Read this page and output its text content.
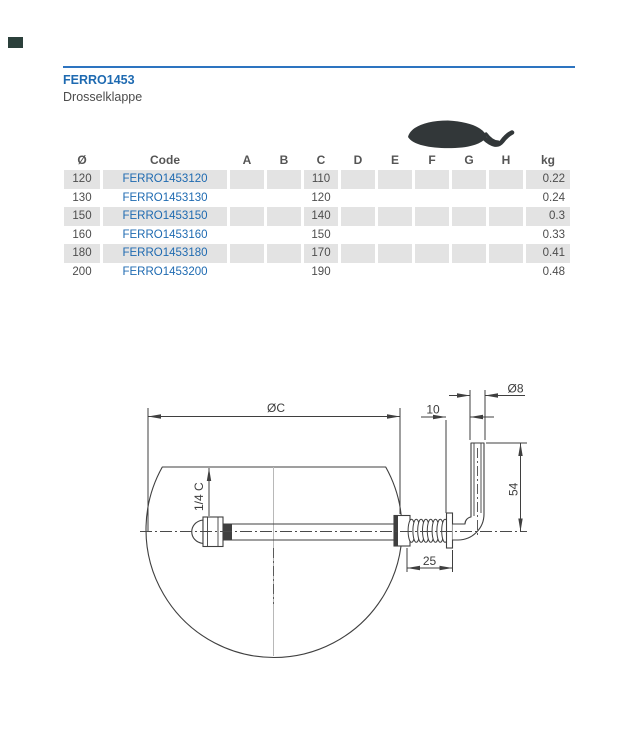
FERRO1453
Drosselklappe
Ø	Code	A	B	C	D	E	F	G	H	kg
120	FERRO1453120			110						0.22
130	FERRO1453130			120						0.24
150	FERRO1453150			140						0.3
160	FERRO1453160			150						0.33
180	FERRO1453180			170						0.41
200	FERRO1453200			190						0.48
ØC
1/4 C
Ø8
10
54
25
